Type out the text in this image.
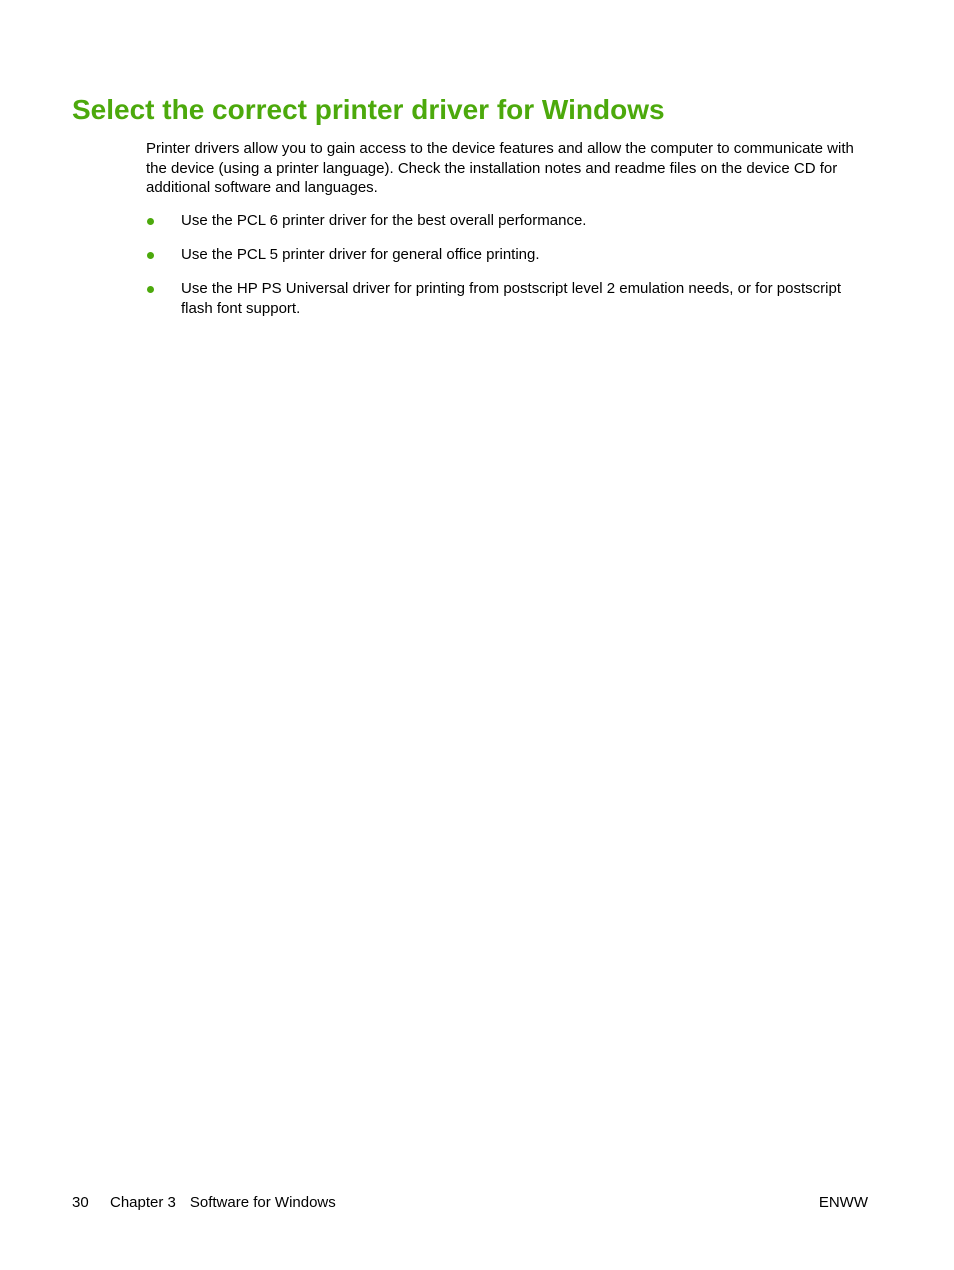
Select the correct printer driver for Windows

Printer drivers allow you to gain access to the device features and allow the computer to communicate with the device (using a printer language). Check the installation notes and readme files on the device CD for additional software and languages.

Use the PCL 6 printer driver for the best overall performance.
Use the PCL 5 printer driver for general office printing.
Use the HP PS Universal driver for printing from postscript level 2 emulation needs, or for postscript flash font support.
30 Chapter 3 Software for Windows	ENWW
